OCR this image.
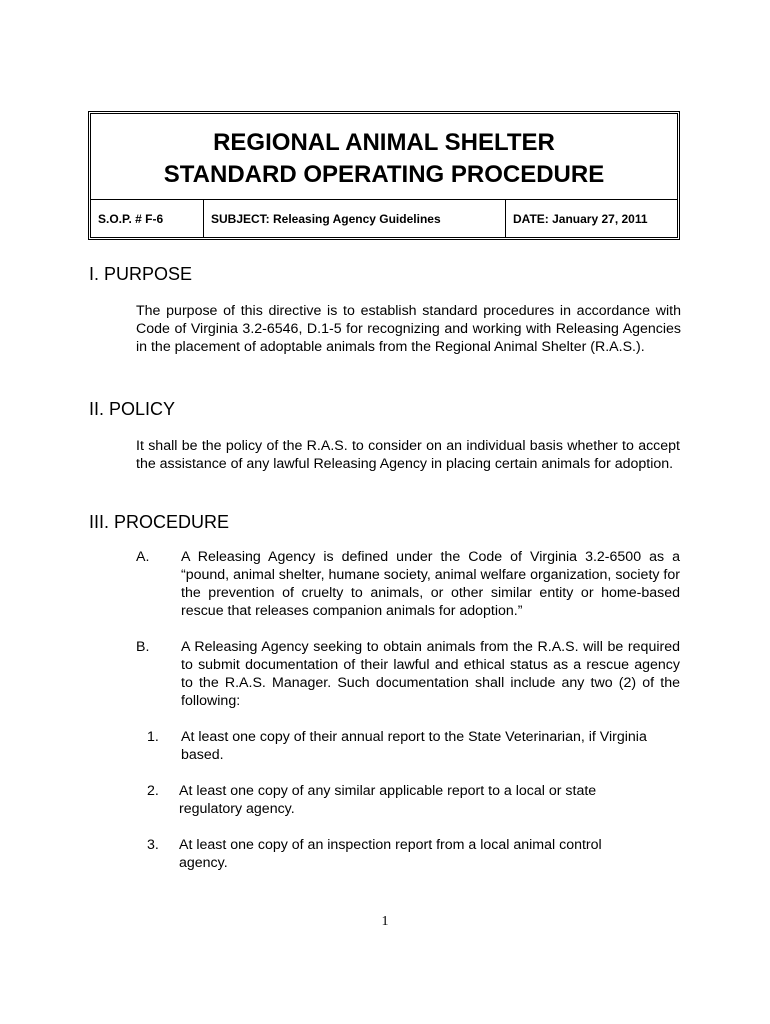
REGIONAL ANIMAL SHELTER
STANDARD OPERATING PROCEDURE
S.O.P. # F-6	SUBJECT: Releasing Agency Guidelines	DATE: January 27, 2011
I. PURPOSE

The purpose of this directive is to establish standard procedures in accordance with Code of Virginia 3.2-6546, D.1-5 for recognizing and working with Releasing Agencies in the placement of adoptable animals from the Regional Animal Shelter (R.A.S.).

II. POLICY

It shall be the policy of the R.A.S. to consider on an individual basis whether to accept the assistance of any lawful Releasing Agency in placing certain animals for adoption.

III. PROCEDURE
A. A Releasing Agency is defined under the Code of Virginia 3.2-6500 as a “pound, animal shelter, humane society, animal welfare organization, society for the prevention of cruelty to animals, or other similar entity or home-based rescue that releases companion animals for adoption.”
B. A Releasing Agency seeking to obtain animals from the R.A.S. will be required to submit documentation of their lawful and ethical status as a rescue agency to the R.A.S. Manager. Such documentation shall include any two (2) of the following:
1. At least one copy of their annual report to the State Veterinarian, if Virginia based.
2. At least one copy of any similar applicable report to a local or state regulatory agency.
3. At least one copy of an inspection report from a local animal control agency.
1
